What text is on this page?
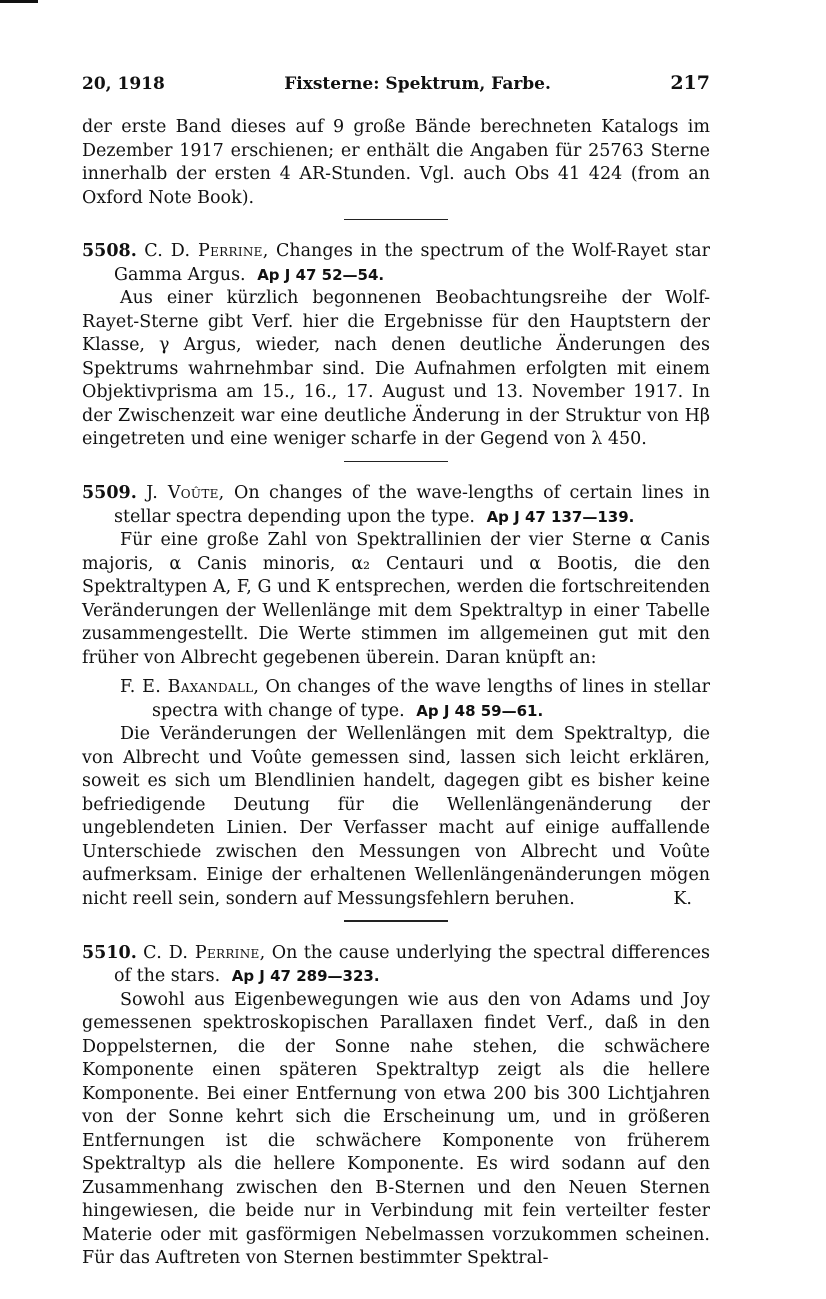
20, 1918	Fixsterne: Spektrum, Farbe.	217

der erste Band dieses auf 9 große Bände berechneten Katalogs im Dezember 1917 erschienen; er enthält die Angaben für 25763 Sterne innerhalb der ersten 4 AR-Stunden. Vgl. auch Obs 41 424 (from an Oxford Note Book).

5508. C. D. Perrine, Changes in the spectrum of the Wolf-Rayet star Gamma Argus. Ap J 47 52—54.

Aus einer kürzlich begonnenen Beobachtungsreihe der Wolf-Rayet-Sterne gibt Verf. hier die Ergebnisse für den Hauptstern der Klasse, γ Argus, wieder, nach denen deutliche Änderungen des Spektrums wahrnehmbar sind. Die Aufnahmen erfolgten mit einem Objektivprisma am 15., 16., 17. August und 13. November 1917. In der Zwischenzeit war eine deutliche Änderung in der Struktur von Hβ eingetreten und eine weniger scharfe in der Gegend von λ 450.

5509. J. Voûte, On changes of the wave-lengths of certain lines in stellar spectra depending upon the type. Ap J 47 137—139.

Für eine große Zahl von Spektrallinien der vier Sterne α Canis majoris, α Canis minoris, α₂ Centauri und α Bootis, die den Spektraltypen A, F, G und K entsprechen, werden die fortschreitenden Veränderungen der Wellenlänge mit dem Spektraltyp in einer Tabelle zusammengestellt. Die Werte stimmen im allgemeinen gut mit den früher von Albrecht gegebenen überein. Daran knüpft an:

F. E. Baxandall, On changes of the wave lengths of lines in stellar spectra with change of type. Ap J 48 59—61.

Die Veränderungen der Wellenlängen mit dem Spektraltyp, die von Albrecht und Voûte gemessen sind, lassen sich leicht erklären, soweit es sich um Blendlinien handelt, dagegen gibt es bisher keine befriedigende Deutung für die Wellenlängenänderung der ungeblendeten Linien. Der Verfasser macht auf einige auffallende Unterschiede zwischen den Messungen von Albrecht und Voûte aufmerksam. Einige der erhaltenen Wellenlängenänderungen mögen nicht reell sein, sondern auf Messungsfehlern beruhen.	K.

5510. C. D. Perrine, On the cause underlying the spectral differences of the stars. Ap J 47 289—323.

Sowohl aus Eigenbewegungen wie aus den von Adams und Joy gemessenen spektroskopischen Parallaxen findet Verf., daß in den Doppelsternen, die der Sonne nahe stehen, die schwächere Komponente einen späteren Spektraltyp zeigt als die hellere Komponente. Bei einer Entfernung von etwa 200 bis 300 Lichtjahren von der Sonne kehrt sich die Erscheinung um, und in größeren Entfernungen ist die schwächere Komponente von früherem Spektraltyp als die hellere Komponente. Es wird sodann auf den Zusammenhang zwischen den B-Sternen und den Neuen Sternen hingewiesen, die beide nur in Verbindung mit fein verteilter fester Materie oder mit gasförmigen Nebelmassen vorzukommen scheinen. Für das Auftreten von Sternen bestimmter Spektral-
